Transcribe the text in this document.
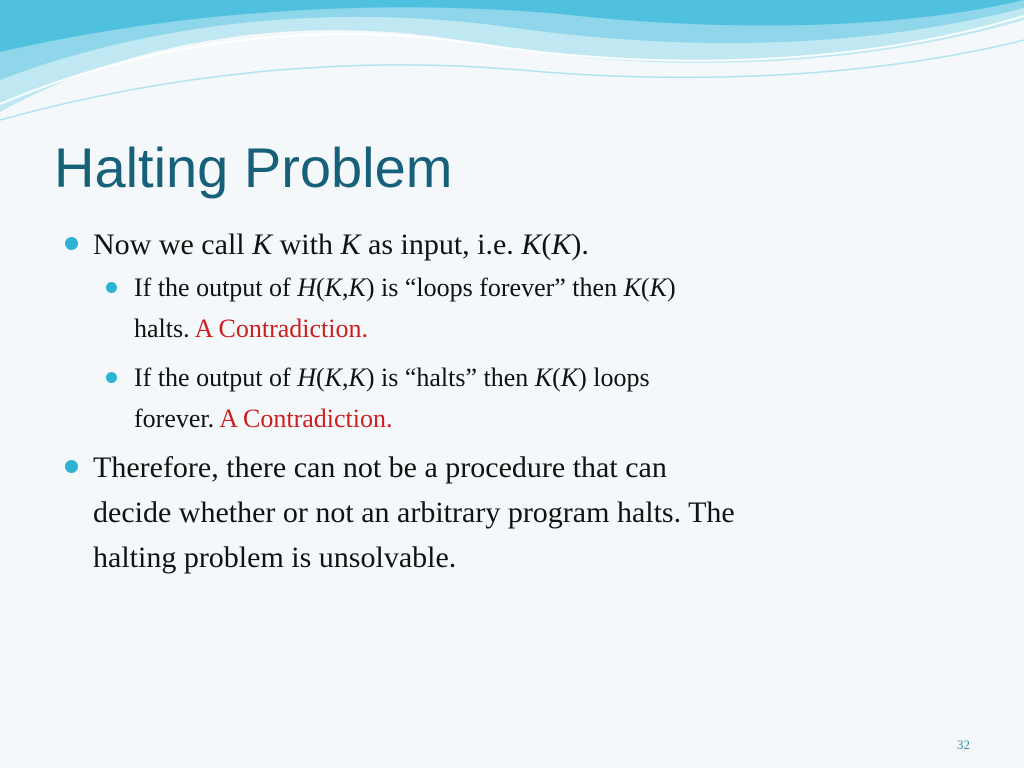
Halting Problem
Now we call K with K as input, i.e. K(K).
If the output of H(K,K) is “loops forever” then K(K)
halts. A Contradiction.
If the output of H(K,K) is “halts” then K(K) loops
forever. A Contradiction.
Therefore, there can not be a procedure that can
decide whether or not an arbitrary program halts. The
halting problem is unsolvable.
32
